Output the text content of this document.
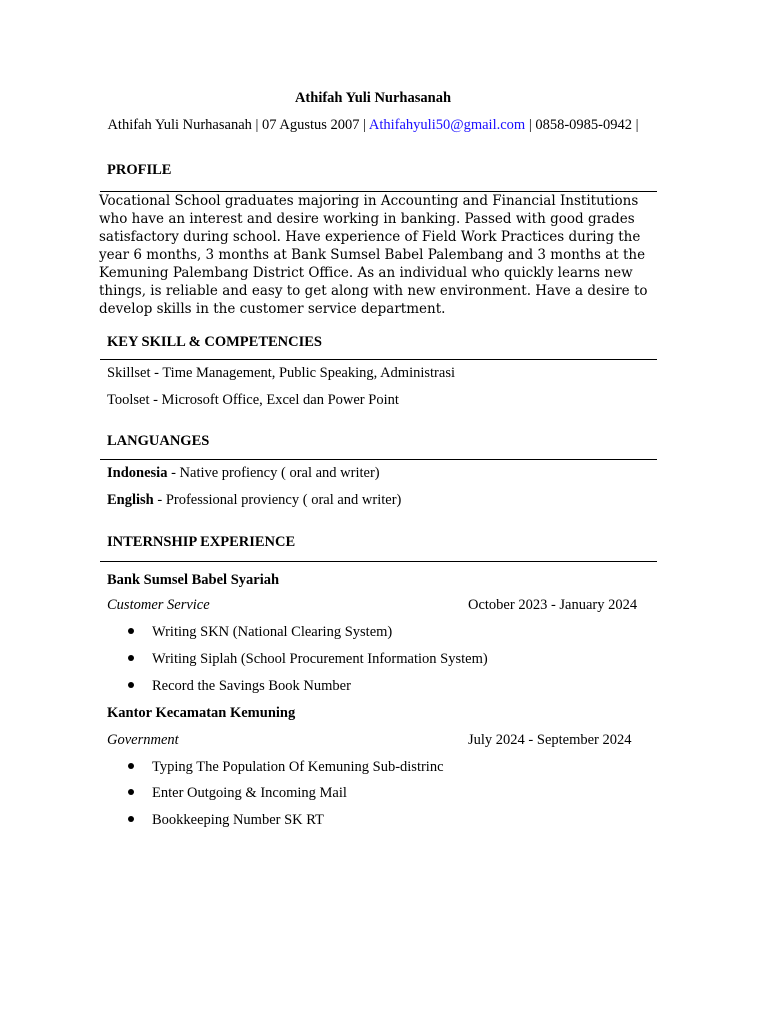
Athifah Yuli Nurhasanah
Athifah Yuli Nurhasanah | 07 Agustus 2007 | Athifahyuli50@gmail.com | 0858-0985-0942 |
PROFILE
Vocational School graduates majoring in Accounting and Financial Institutions who have an interest and desire working in banking. Passed with good grades satisfactory during school. Have experience of Field Work Practices during the year 6 months, 3 months at Bank Sumsel Babel Palembang and 3 months at the Kemuning Palembang District Office. As an individual who quickly learns new things, is reliable and easy to get along with new environment. Have a desire to develop skills in the customer service department.
KEY SKILL & COMPETENCIES
Skillset - Time Management, Public Speaking, Administrasi
Toolset - Microsoft Office, Excel dan Power Point
LANGUANGES
Indonesia - Native profiency ( oral and writer)
English - Professional proviency ( oral and writer)
INTERNSHIP EXPERIENCE
Bank Sumsel Babel Syariah
Customer Service	October 2023 - January 2024
Writing SKN (National Clearing System)
Writing Siplah (School Procurement Information System)
Record the Savings Book Number
Kantor Kecamatan Kemuning
Government	July 2024 - September 2024
Typing The Population Of Kemuning Sub-distrinc
Enter Outgoing & Incoming Mail
Bookkeeping Number SK RT
